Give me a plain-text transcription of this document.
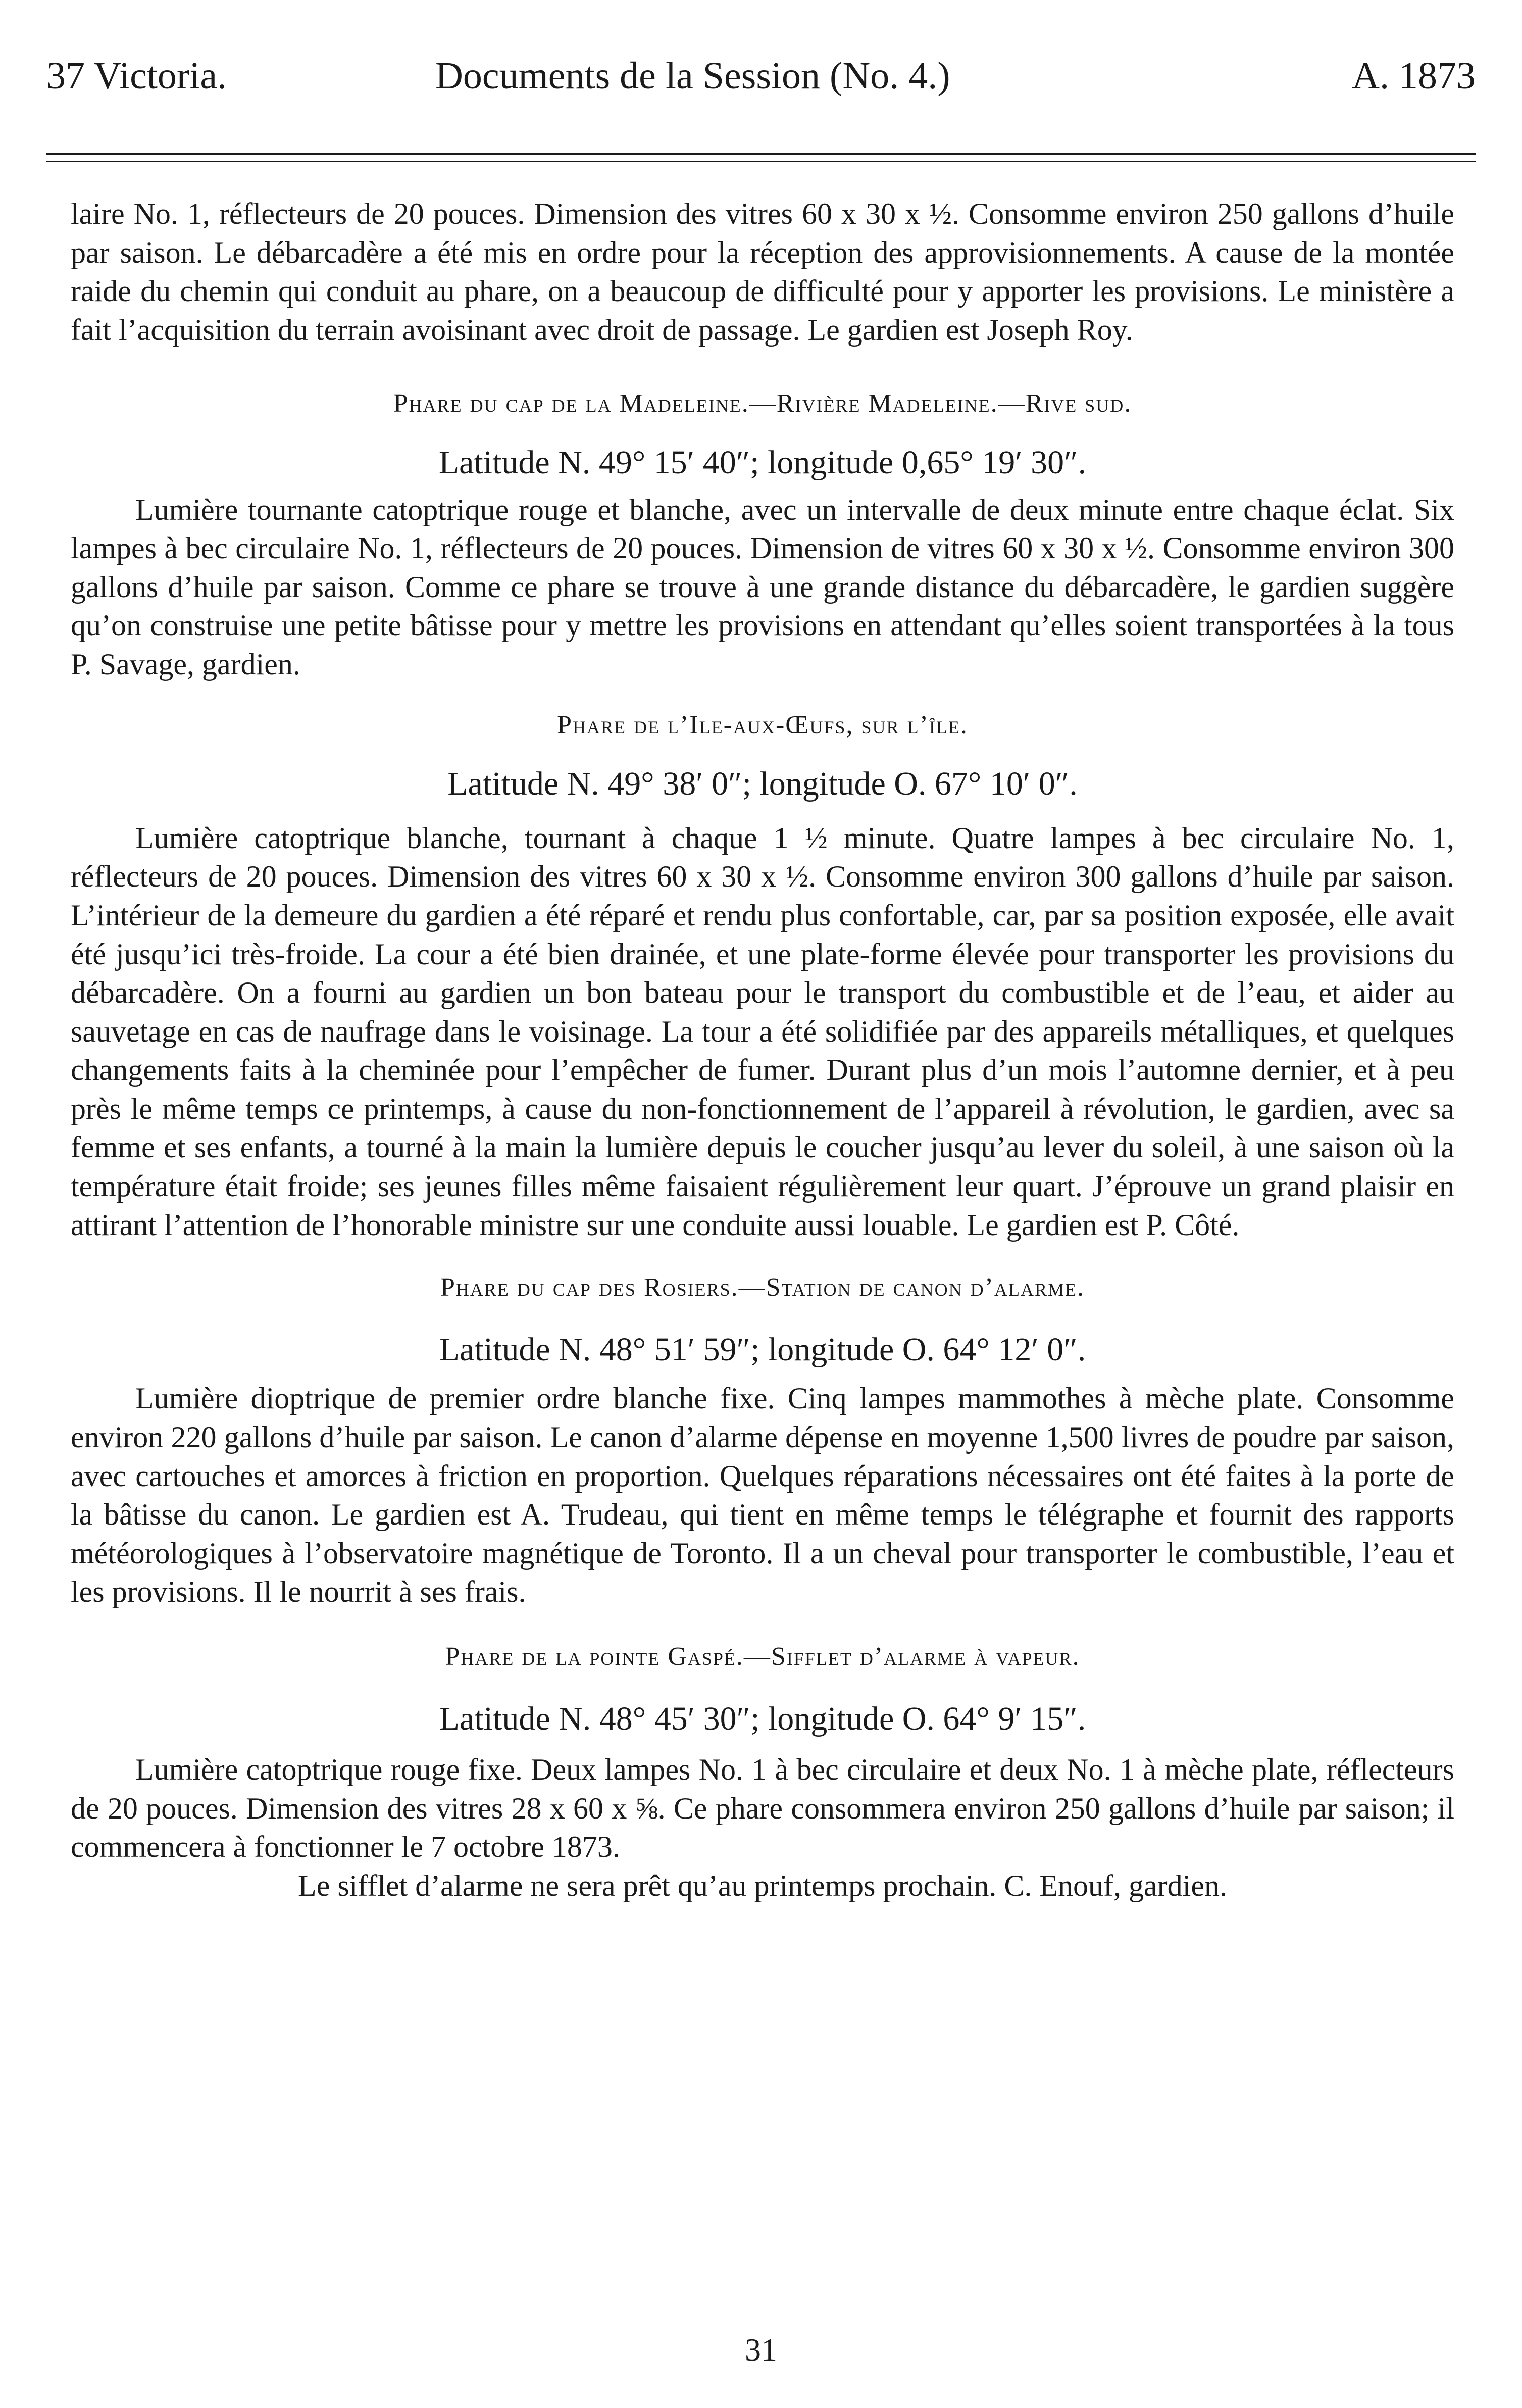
37 Victoria.	Documents de la Session (No. 4.)	A. 1873

laire No. 1, réflecteurs de 20 pouces. Dimension des vitres 60 x 30 x ½. Consomme environ 250 gallons d’huile par saison. Le débarcadère a été mis en ordre pour la réception des approvisionnements. A cause de la montée raide du chemin qui conduit au phare, on a beaucoup de difficulté pour y apporter les provisions. Le ministère a fait l’acquisition du terrain avoisinant avec droit de passage. Le gardien est Joseph Roy.

Phare du cap de la Madeleine.—Rivière Madeleine.—Rive sud.

Latitude N. 49° 15′ 40″; longitude 0,65° 19′ 30″.

Lumière tournante catoptrique rouge et blanche, avec un intervalle de deux minute entre chaque éclat. Six lampes à bec circulaire No. 1, réflecteurs de 20 pouces. Dimension de vitres 60 x 30 x ½. Consomme environ 300 gallons d’huile par saison. Comme ce phare se trouve à une grande distance du débarcadère, le gardien suggère qu’on construise une petite bâtisse pour y mettre les provisions en attendant qu’elles soient transportées à la tous P. Savage, gardien.

Phare de l’Ile-aux-Œufs, sur l’île.

Latitude N. 49° 38′ 0″; longitude O. 67° 10′ 0″.

Lumière catoptrique blanche, tournant à chaque 1 ½ minute. Quatre lampes à bec circulaire No. 1, réflecteurs de 20 pouces. Dimension des vitres 60 x 30 x ½. Consomme environ 300 gallons d’huile par saison. L’intérieur de la demeure du gardien a été réparé et rendu plus confortable, car, par sa position exposée, elle avait été jusqu’ici très-froide. La cour a été bien drainée, et une plate-forme élevée pour transporter les provisions du débarcadère. On a fourni au gardien un bon bateau pour le transport du combustible et de l’eau, et aider au sauvetage en cas de naufrage dans le voisinage. La tour a été solidifiée par des appareils métalliques, et quelques changements faits à la cheminée pour l’empêcher de fumer. Durant plus d’un mois l’automne dernier, et à peu près le même temps ce printemps, à cause du non-fonctionnement de l’appareil à révolution, le gardien, avec sa femme et ses enfants, a tourné à la main la lumière depuis le coucher jusqu’au lever du soleil, à une saison où la température était froide; ses jeunes filles même faisaient régulièrement leur quart. J’éprouve un grand plaisir en attirant l’attention de l’honorable ministre sur une conduite aussi louable. Le gardien est P. Côté.

Phare du cap des Rosiers.—Station de canon d’alarme.

Latitude N. 48° 51′ 59″; longitude O. 64° 12′ 0″.

Lumière dioptrique de premier ordre blanche fixe. Cinq lampes mammothes à mèche plate. Consomme environ 220 gallons d’huile par saison. Le canon d’alarme dépense en moyenne 1,500 livres de poudre par saison, avec cartouches et amorces à friction en proportion. Quelques réparations nécessaires ont été faites à la porte de la bâtisse du canon. Le gardien est A. Trudeau, qui tient en même temps le télégraphe et fournit des rapports météorologiques à l’observatoire magnétique de Toronto. Il a un cheval pour transporter le combustible, l’eau et les provisions. Il le nourrit à ses frais.

Phare de la pointe Gaspé.—Sifflet d’alarme à vapeur.

Latitude N. 48° 45′ 30″; longitude O. 64° 9′ 15″.

Lumière catoptrique rouge fixe. Deux lampes No. 1 à bec circulaire et deux No. 1 à mèche plate, réflecteurs de 20 pouces. Dimension des vitres 28 x 60 x ⅝. Ce phare consommera environ 250 gallons d’huile par saison; il commencera à fonctionner le 7 octobre 1873.

Le sifflet d’alarme ne sera prêt qu’au printemps prochain. C. Enouf, gardien.

31
